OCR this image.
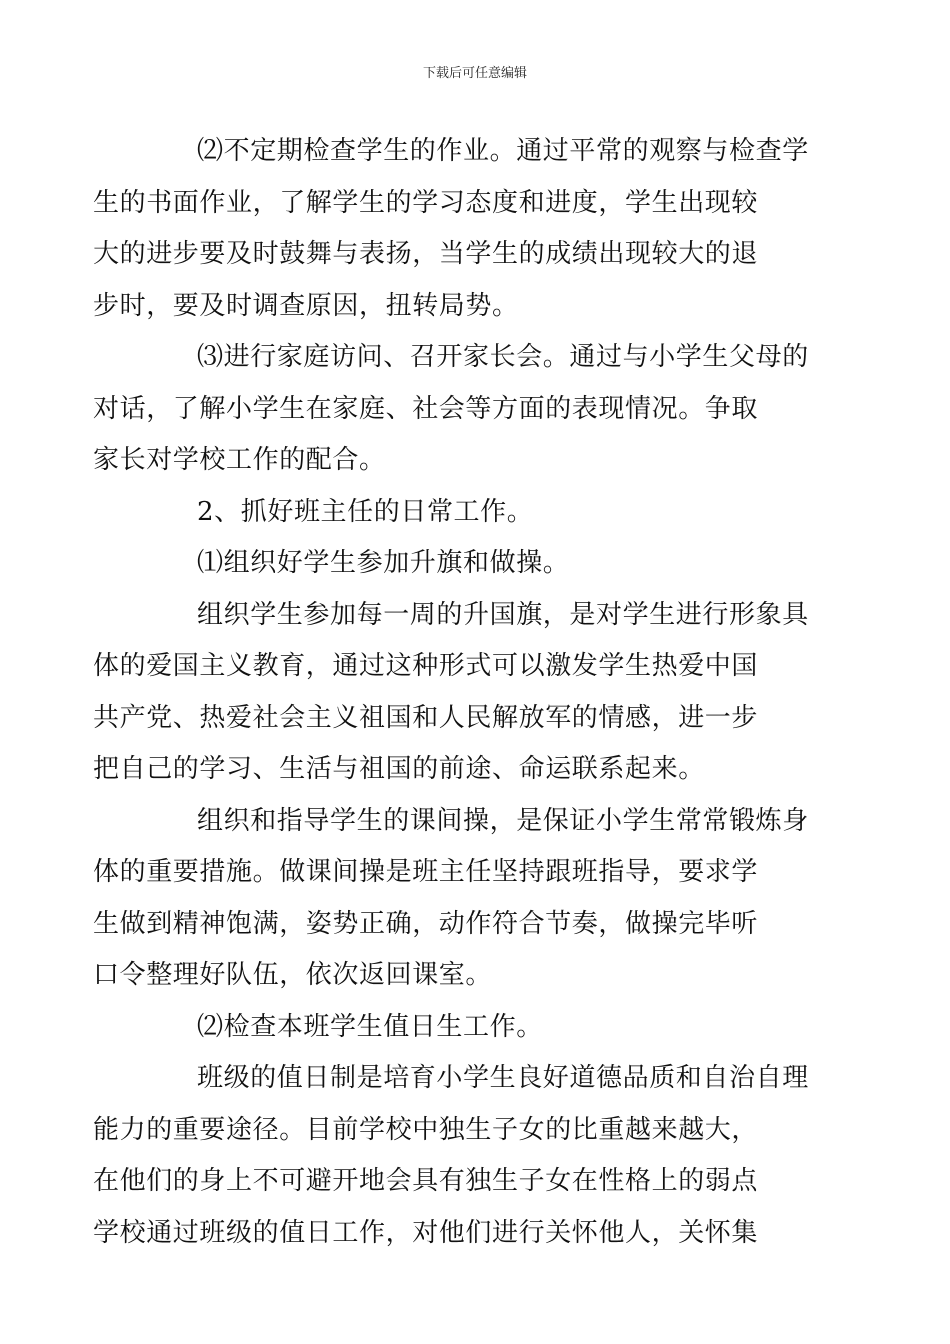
下载后可任意编辑

⑵不定期检查学生的作业。通过平常的观察与检查学
生的书面作业，了解学生的学习态度和进度，学生出现较
大的进步要及时鼓舞与表扬，当学生的成绩出现较大的退
步时，要及时调查原因，扭转局势。

⑶进行家庭访问、召开家长会。通过与小学生父母的
对话，了解小学生在家庭、社会等方面的表现情况。争取
家长对学校工作的配合。

2、抓好班主任的日常工作。

⑴组织好学生参加升旗和做操。

组织学生参加每一周的升国旗，是对学生进行形象具
体的爱国主义教育，通过这种形式可以激发学生热爱中国
共产党、热爱社会主义祖国和人民解放军的情感，进一步
把自己的学习、生活与祖国的前途、命运联系起来。

组织和指导学生的课间操，是保证小学生常常锻炼身
体的重要措施。做课间操是班主任坚持跟班指导，要求学
生做到精神饱满，姿势正确，动作符合节奏，做操完毕听
口令整理好队伍，依次返回课室。

⑵检查本班学生值日生工作。

班级的值日制是培育小学生良好道德品质和自治自理
能力的重要途径。目前学校中独生子女的比重越来越大，
在他们的身上不可避开地会具有独生子女在性格上的弱点
学校通过班级的值日工作，对他们进行关怀他人，关怀集
